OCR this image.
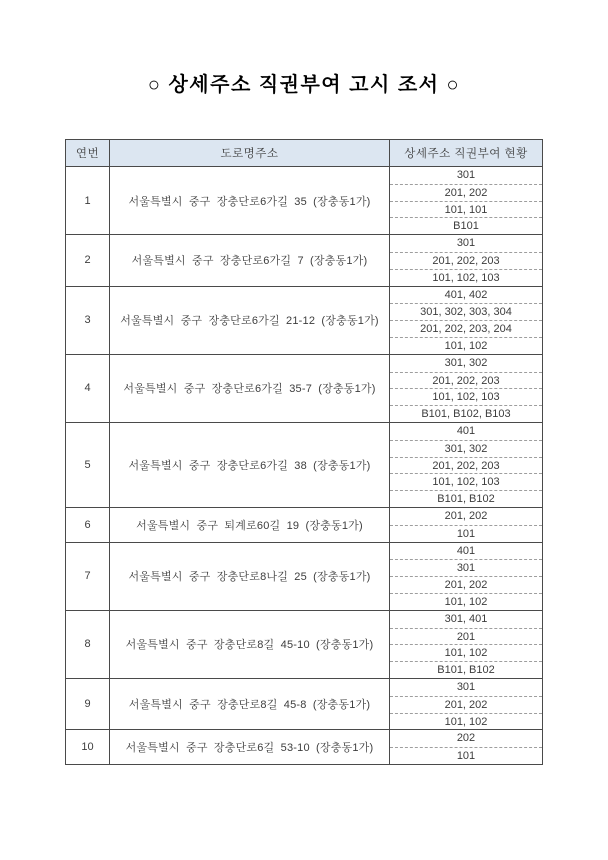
○ 상세주소 직권부여 고시 조서 ○
연번	도로명주소	상세주소 직권부여 현황
1	서울특별시 중구 장충단로6가길 35 (장충동1가)
301
201, 202
101, 101
B101
2	서울특별시 중구 장충단로6가길 7 (장충동1가)
301
201, 202, 203
101, 102, 103
3	서울특별시 중구 장충단로6가길 21-12 (장충동1가)
401, 402
301, 302, 303, 304
201, 202, 203, 204
101, 102
4	서울특별시 중구 장충단로6가길 35-7 (장충동1가)
301, 302
201, 202, 203
101, 102, 103
B101, B102, B103
5	서울특별시 중구 장충단로6가길 38 (장충동1가)
401
301, 302
201, 202, 203
101, 102, 103
B101, B102
6	서울특별시 중구 퇴계로60길 19 (장충동1가)
201, 202
101
7	서울특별시 중구 장충단로8나길 25 (장충동1가)
401
301
201, 202
101, 102
8	서울특별시 중구 장충단로8길 45-10 (장충동1가)
301, 401
201
101, 102
B101, B102
9	서울특별시 중구 장충단로8길 45-8 (장충동1가)
301
201, 202
101, 102
10	서울특별시 중구 장충단로6길 53-10 (장충동1가)
202
101
